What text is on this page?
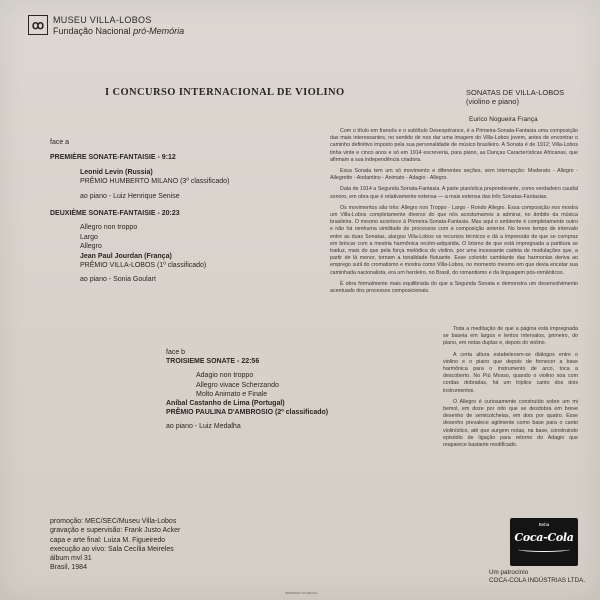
ꝏ MUSEU VILLA-LOBOS
Fundação Nacional pró-Memória
I CONCURSO INTERNACIONAL DE VIOLINO	SONATAS DE VILLA-LOBOS
(violino e piano)
Eurico Nogueira França
face a
PREMIÈRE SONATE-FANTAISIE - 9:12
Leonid Levin (Russia)
PRÊMIO HUMBERTO MILANO (3º classificado)
ao piano - Luiz Henrique Senise
DEUXIÈME SONATE-FANTAISIE - 20:23
Allegro non troppo
Largo
Allegro
Jean Paul Jourdan (França)
PRÊMIO VILLA-LOBOS (1º classificado)
ao piano - Sonia Goulart
face b
TROISIEME SONATE - 22:56
Adagio non troppo
Allegro vivace Scherzando
Molto Animato e Finale
Aníbal Castanho de Lima (Portugal)
PRÊMIO PAULINA D'AMBROSIO (2º classificado)
ao piano - Luiz Medalha

Com o título em francês e o subtítulo Desespérance, é a Primeira-Sonata-Fantasia uma composição das mais interessantes, no sentido de nos dar uma imagem do Villa-Lobos jovem, antes de encontrar o caminho definitivo imposto pela sua personalidade de músico brasileiro. A Sonata é de 1912; Villa-Lobos tinha vinte e cinco anos e só em 1914 escreveria, para piano, as Danças Características Africanas, que afirmam a sua independência criadora.

Essa Sonata tem um só movimento e diferentes seções, sem interrupção: Moderato - Allegro - Allegretto - Andantino - Animato - Adagio - Allegro.

Data de 1914 a Segunda Sonata-Fantasia. A parte pianística preponderante, como verdadeiro caudal sonoro, em obra que é relativamente extensa — a mais extensa das três Sonatas-Fantasias.

Os movimentos são três: Allegro non Troppo - Largo - Rondo Allegro. Essa composição nos mostra um Villa-Lobos completamente diverso do que nós acostumamos a admirar, no âmbito da música brasileira. O mesmo acontece à Primeira-Sonata-Fantasia. Mas aqui o ambiente é completamente outro e não há nenhuma similitude de processos com a composição anterior. No breve tempo de intervalo entre as duas Sonatas, alargou Villa-Lobos os recursos técnicos e dá a impressão de que se compraz em brincar com a mestria harmônica recém-adquirida. O lirismo de que está impregnada a partitura se traduz, mais do que pela força melódica do violino, por uma incessante cadeia de modulações que, a partir de lá menor, tornam a tonalidade flutuante. Esse colorido cambiante das harmonias deriva ao emprego sutil do cromatismo e mostra como Villa-Lobos, no momento mesmo em que devia encetar sua caminhada nacionalista, era um herdeiro, no Brasil, do romantismo e da linguagem pós-românticos.

É obra formalmente mais equilibrada do que a Segunda Sonata e demonstra um desenvolvimento acentuado dos processos composicionais.

Toda a meditação de que a página está impregnada se baseia em largos e lentos intervalos, primeiro, do piano, em notas duplas e, depois do violino.

A certa altura estabelecem-se diálogos entre o violino e o piano que depois de fornecer a base harmônica para o instrumento de arco, toca a descoberto. No Più Mosso, quando o violino soa com cordas dobradas, há um tríplice canto dos dois instrumentos.

O Allegro é curiosamente construído sobre um mi bemol, em doze por oito que se desdobra em breve desenho de semicolcheias, em dois por quatro. Esse desenho prevalece agilmente como base para o canto violinístico, até que surgem notas, na base, construindo episódio de ligação para retorno do Adagio que reaparece bastante modificado.

promoção: MEC/SEC/Museu Villa-Lobos
gravação e supervisão: Frank Justo Acker
capa e arte final: Luiza M. Figueiredo
execução ao vivo: Sala Cecília Meireles
álbum mvl 31
Brasil, 1984
Beba
Coca-Cola
Um patrocínio
COCA-COLA INDÚSTRIAS LTDA.
IMPRESSO NO BRASIL
